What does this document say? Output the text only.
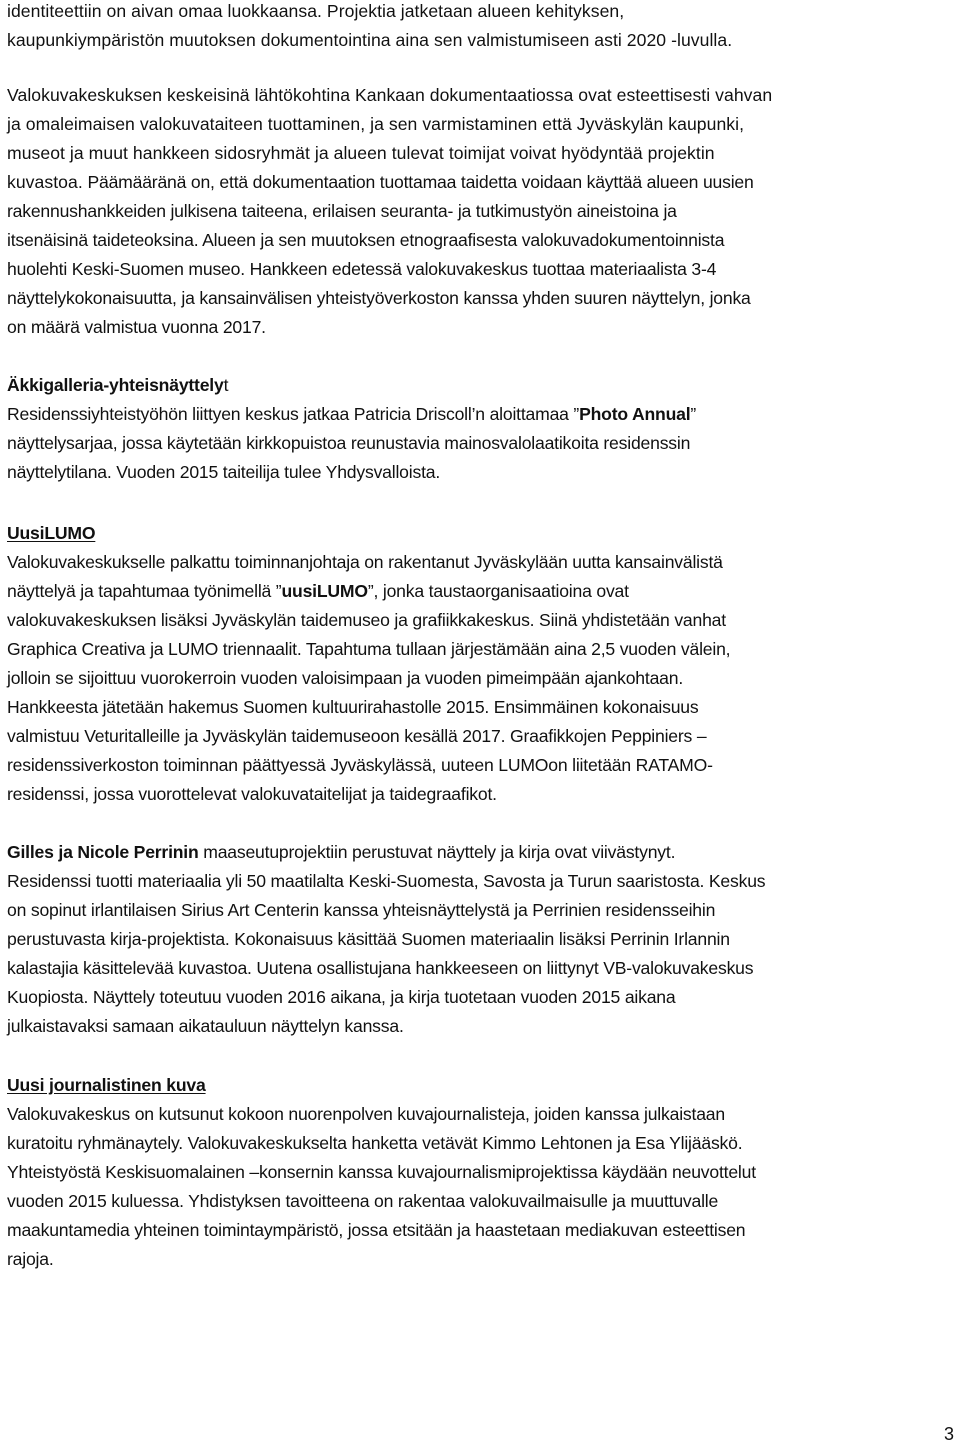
identiteettiin on aivan omaa luokkaansa. Projektia jatketaan alueen kehityksen,
kaupunkiympäristön muutoksen dokumentointina aina sen valmistumiseen asti 2020 -luvulla.
Valokuvakeskuksen keskeisinä lähtökohtina Kankaan dokumentaatiossa ovat esteettisesti vahvan
ja omaleimaisen valokuvataiteen tuottaminen, ja sen varmistaminen että Jyväskylän kaupunki,
museot ja muut hankkeen sidosryhmät ja alueen tulevat toimijat voivat hyödyntää projektin
kuvastoa. Päämääränä on, että dokumentaation tuottamaa taidetta voidaan käyttää alueen uusien
rakennushankkeiden julkisena taiteena, erilaisen seuranta- ja tutkimustyön aineistoina ja
itsenäisinä taideteoksina. Alueen ja sen muutoksen etnograafisesta valokuvadokumentoinnista
huolehti Keski-Suomen museo. Hankkeen edetessä valokuvakeskus tuottaa materiaalista 3-4
näyttelykokonaisuutta, ja kansainvälisen yhteistyöverkoston kanssa yhden suuren näyttelyn, jonka
on määrä valmistua vuonna 2017.
Äkkigalleria-yhteisnäyttelyt
Residenssiyhteistyöhön liittyen keskus jatkaa Patricia Driscoll’n aloittamaa ”Photo Annual”
näyttelysarjaa, jossa käytetään kirkkopuistoa reunustavia mainosvalolaatikoita residenssin
näyttelytilana. Vuoden 2015 taiteilija tulee Yhdysvalloista.
UusiLUMO
Valokuvakeskukselle palkattu toiminnanjohtaja on rakentanut Jyväskylään uutta kansainvälistä
näyttelyä ja tapahtumaa työnimellä ”uusiLUMO”, jonka taustaorganisaatioina ovat
valokuvakeskuksen lisäksi Jyväskylän taidemuseo ja grafiikkakeskus. Siinä yhdistetään vanhat
Graphica Creativa ja LUMO triennaalit. Tapahtuma tullaan järjestämään aina 2,5 vuoden välein,
jolloin se sijoittuu vuorokerroin vuoden valoisimpaan ja vuoden pimeimpään ajankohtaan.
Hankkeesta jätetään hakemus Suomen kultuurirahastolle 2015. Ensimmäinen kokonaisuus
valmistuu Veturitalleille ja Jyväskylän taidemuseoon kesällä 2017. Graafikkojen Peppiniers –
residenssiverkoston toiminnan päättyessä Jyväskylässä, uuteen LUMOon liitetään RATAMO-
residenssi, jossa vuorottelevat valokuvataitelijat ja taidegraafikot.
Gilles ja Nicole Perrinin maaseutuprojektiin perustuvat näyttely ja kirja ovat viivästynyt.
Residenssi tuotti materiaalia yli 50 maatilalta Keski-Suomesta, Savosta ja Turun saaristosta. Keskus
on sopinut irlantilaisen Sirius Art Centerin kanssa yhteisnäyttelystä ja Perrinien residensseihin
perustuvasta kirja-projektista. Kokonaisuus käsittää Suomen materiaalin lisäksi Perrinin Irlannin
kalastajia käsittelevää kuvastoa. Uutena osallistujana hankkeeseen on liittynyt VB-valokuvakeskus
Kuopiosta. Näyttely toteutuu vuoden 2016 aikana, ja kirja tuotetaan vuoden 2015 aikana
julkaistavaksi samaan aikatauluun näyttelyn kanssa.
Uusi journalistinen kuva
Valokuvakeskus on kutsunut kokoon nuorenpolven kuvajournalisteja, joiden kanssa julkaistaan
kuratoitu ryhmänaytely. Valokuvakeskukselta hanketta vetävät Kimmo Lehtonen ja Esa Ylijääskö.
Yhteistyöstä Keskisuomalainen –konsernin kanssa kuvajournalismiprojektissa käydään neuvottelut
vuoden 2015 kuluessa. Yhdistyksen tavoitteena on rakentaa valokuvailmaisulle ja muuttuvalle
maakuntamedia yhteinen toimintaympäristö, jossa etsitään ja haastetaan mediakuvan esteettisen
rajoja.
3
